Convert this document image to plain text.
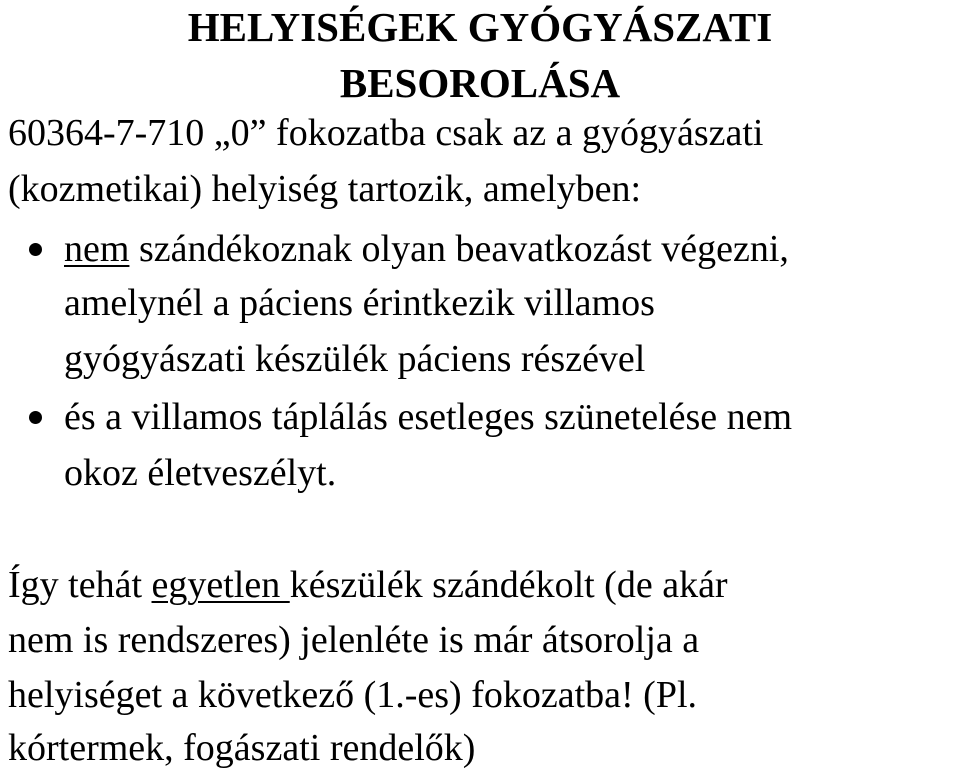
HELYISÉGEK GYÓGYÁSZATI
BESOROLÁSA

60364-7-710 „0” fokozatba csak az a gyógyászati

(kozmetikai) helyiség tartozik, amelyben:

nem szándékoznak olyan beavatkozást végezni,

amelynél a páciens érintkezik villamos

gyógyászati készülék páciens részével

és a villamos táplálás esetleges szünetelése nem

okoz életveszélyt.

Így tehát egyetlen készülék szándékolt (de akár

nem is rendszeres) jelenléte is már átsorolja a

helyiséget a következő (1.-es) fokozatba! (Pl.

kórtermek, fogászati rendelők)
